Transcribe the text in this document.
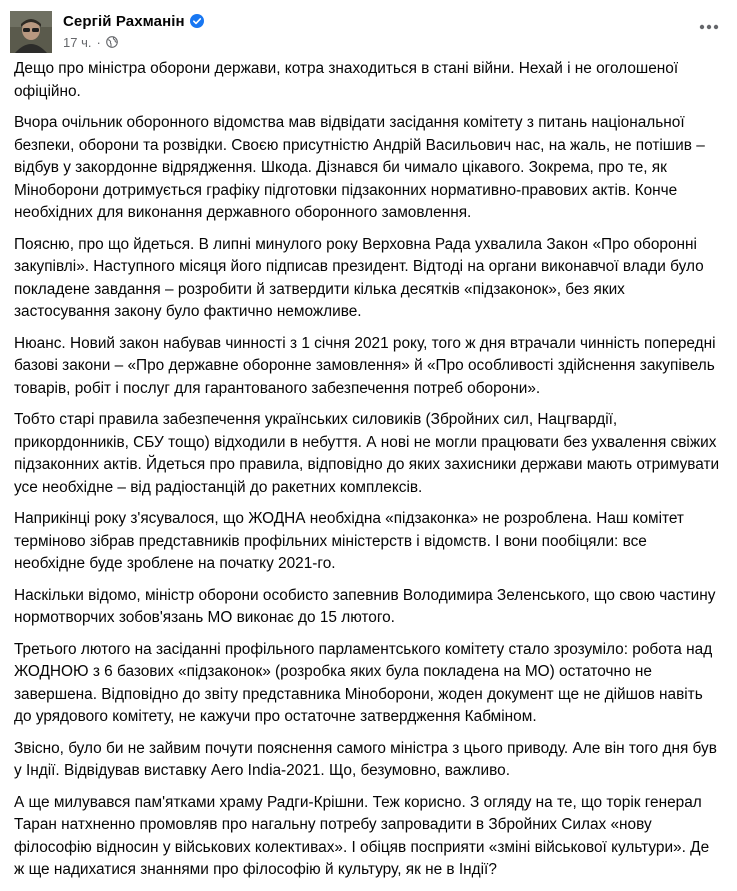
Сергій Рахманін
17 ч. ·

Дещо про міністра оборони держави, котра знаходиться в стані війни. Нехай і не оголошеної офіційно.

Вчора очільник оборонного відомства мав відвідати засідання комітету з питань національної безпеки, оборони та розвідки. Своєю присутністю Андрій Васильович нас, на жаль, не потішив – відбув у закордонне відрядження. Шкода. Дізнався би чимало цікавого. Зокрема, про те, як Міноборони дотримується графіку підготовки підзаконних нормативно-правових актів. Конче необхідних для виконання державного оборонного замовлення.

Поясню, про що йдеться. В липні минулого року Верховна Рада ухвалила Закон «Про оборонні закупівлі». Наступного місяця його підписав президент. Відтоді на органи виконавчої влади було покладене завдання – розробити й затвердити кілька десятків «підзаконок», без яких застосування закону було фактично неможливе.

Нюанс. Новий закон набував чинності з 1 січня 2021 року, того ж дня втрачали чинність попередні базові закони – «Про державне оборонне замовлення» й «Про особливості здійснення закупівель товарів, робіт і послуг для гарантованого забезпечення потреб оборони».

Тобто старі правила забезпечення українських силовиків (Збройних сил, Нацгвардії, прикордонників, СБУ тощо) відходили в небуття. А нові не могли працювати без ухвалення свіжих підзаконних актів. Йдеться про правила, відповідно до яких захисники держави мають отримувати усе необхідне – від радіостанцій до ракетних комплексів.

Наприкінці року з'ясувалося, що ЖОДНА необхідна «підзаконка» не розроблена. Наш комітет терміново зібрав представників профільних міністерств і відомств. І вони пообіцяли: все необхідне буде зроблене на початку 2021-го.

Наскільки відомо, міністр оборони особисто запевнив Володимира Зеленського, що свою частину нормотворчих зобов'язань МО виконає до 15 лютого.

Третього лютого на засіданні профільного парламентського комітету стало зрозуміло: робота над ЖОДНОЮ з 6 базових «підзаконок» (розробка яких була покладена на МО) остаточно не завершена. Відповідно до звіту представника Міноборони, жоден документ ще не дійшов навіть до урядового комітету, не кажучи про остаточне затвердження Кабміном.

Звісно, було би не зайвим почути пояснення самого міністра з цього приводу. Але він того дня був у Індії. Відвідував виставку Aero India-2021. Що, безумовно, важливо.

А ще милувався пам'ятками храму Радги-Крішни. Теж корисно. З огляду на те, що торік генерал Таран натхненно промовляв про нагальну потребу запровадити в Збройних Силах «нову філософію відносин у військових колективах». І обіцяв посприяти «зміні військової культури». Де ж ще надихатися знаннями про філософію й культуру, як не в Індії?
